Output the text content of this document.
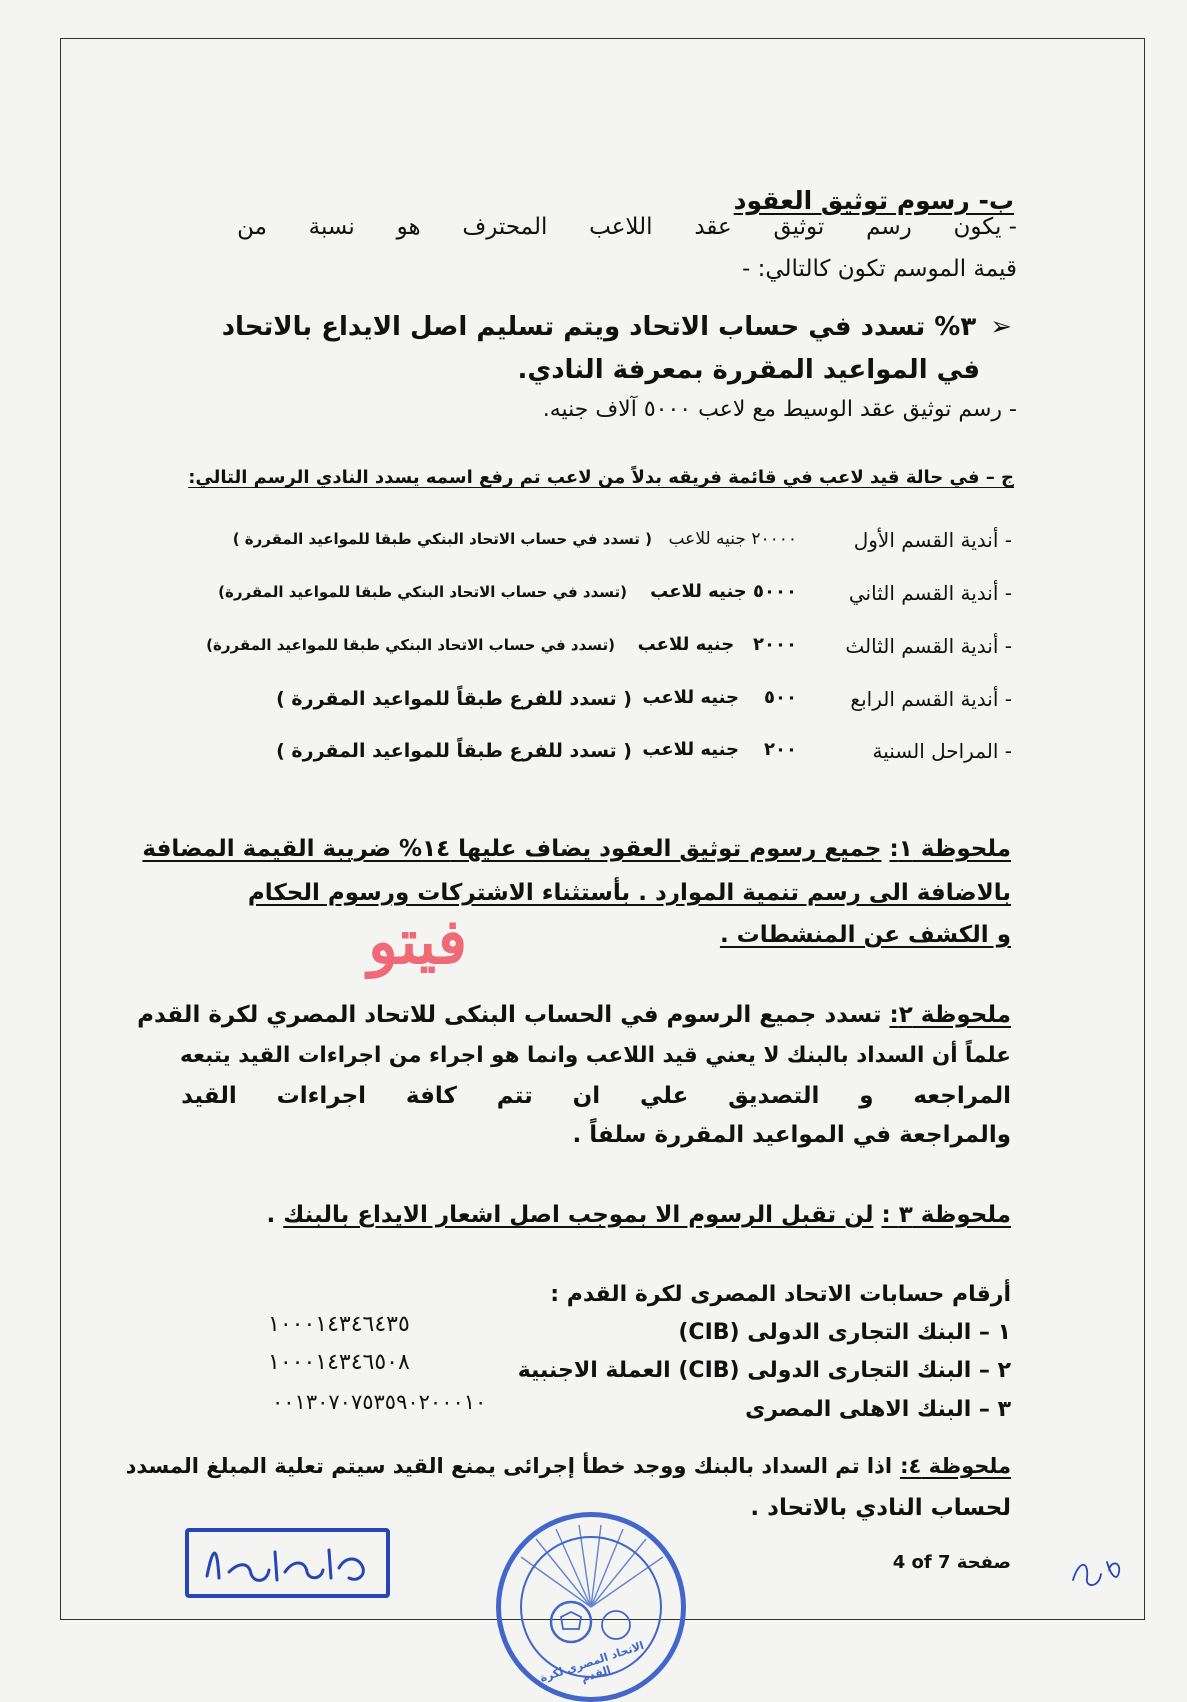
ب- رسوم توثيق العقود
- يكون
رسم
توثيق
عقد
اللاعب
المحترف
هو
نسبة
من
قيمة الموسم تكون كالتالي: -
➢
٣% تسدد في حساب الاتحاد ويتم تسليم اصل الايداع بالاتحاد
في المواعيد المقررة بمعرفة النادي.
- رسم توثيق عقد الوسيط مع لاعب ٥٠٠٠ آلاف جنيه.
ج – في حالة قيد لاعب في قائمة فريقه بدلاً من لاعب تم رفع اسمه يسدد النادي الرسم التالي:
- أندية القسم الأول
٢٠٠٠٠ جنيه للاعب
( تسدد في حساب الاتحاد البنكي طبقا للمواعيد المقررة )
- أندية القسم الثاني
٥٠٠٠ جنيه للاعب
(تسدد في حساب الاتحاد البنكي طبقا للمواعيد المقررة)
- أندية القسم الثالث
٢٠٠٠   جنيه للاعب
(تسدد في حساب الاتحاد البنكي طبقا للمواعيد المقررة)
- أندية القسم الرابع
٥٠٠    جنيه للاعب
( تسدد للفرع طبقاً للمواعيد المقررة )
- المراحل السنية
٢٠٠    جنيه للاعب
( تسدد للفرع طبقاً للمواعيد المقررة )
ملحوظة ١:
جميع رسوم توثيق العقود يضاف عليها ١٤% ضريبة القيمة المضافة
بالاضافة الى رسم تنمية الموارد . بأستثناء الاشتركات ورسوم الحكام
و الكشف عن المنشطات .
فيتو
ملحوظة ٢:
تسدد جميع الرسوم في الحساب البنكى للاتحاد المصري لكرة القدم
علماً أن السداد بالبنك لا يعني قيد اللاعب وانما هو اجراء من اجراءات القيد يتبعه
المراجعه
و
التصديق
علي
ان
تتم
كافة
اجراءات
القيد
والمراجعة في المواعيد المقررة سلفاً .
ملحوظة ٣ :
لن تقبل الرسوم الا بموجب اصل اشعار الايداع بالبنك
.
أرقام حسابات الاتحاد المصرى لكرة القدم :
١ – البنك التجارى الدولى (CIB)
١٠٠٠١٤٣٤٦٤٣٥
٢ – البنك التجارى الدولى (CIB) العملة الاجنبية
١٠٠٠١٤٣٤٦٥٠٨
٣ – البنك الاهلى المصرى
٠٠١٣٠٧٠٧٥٣٥٩٠٢٠٠٠١٠
ملحوظة ٤:
اذا تم السداد بالبنك ووجد خطأ إجرائى يمنع القيد سيتم تعلية المبلغ المسدد
لحساب النادي بالاتحاد .
الاتحاد المصري لكرة القدم
4 of 7 صفحة
